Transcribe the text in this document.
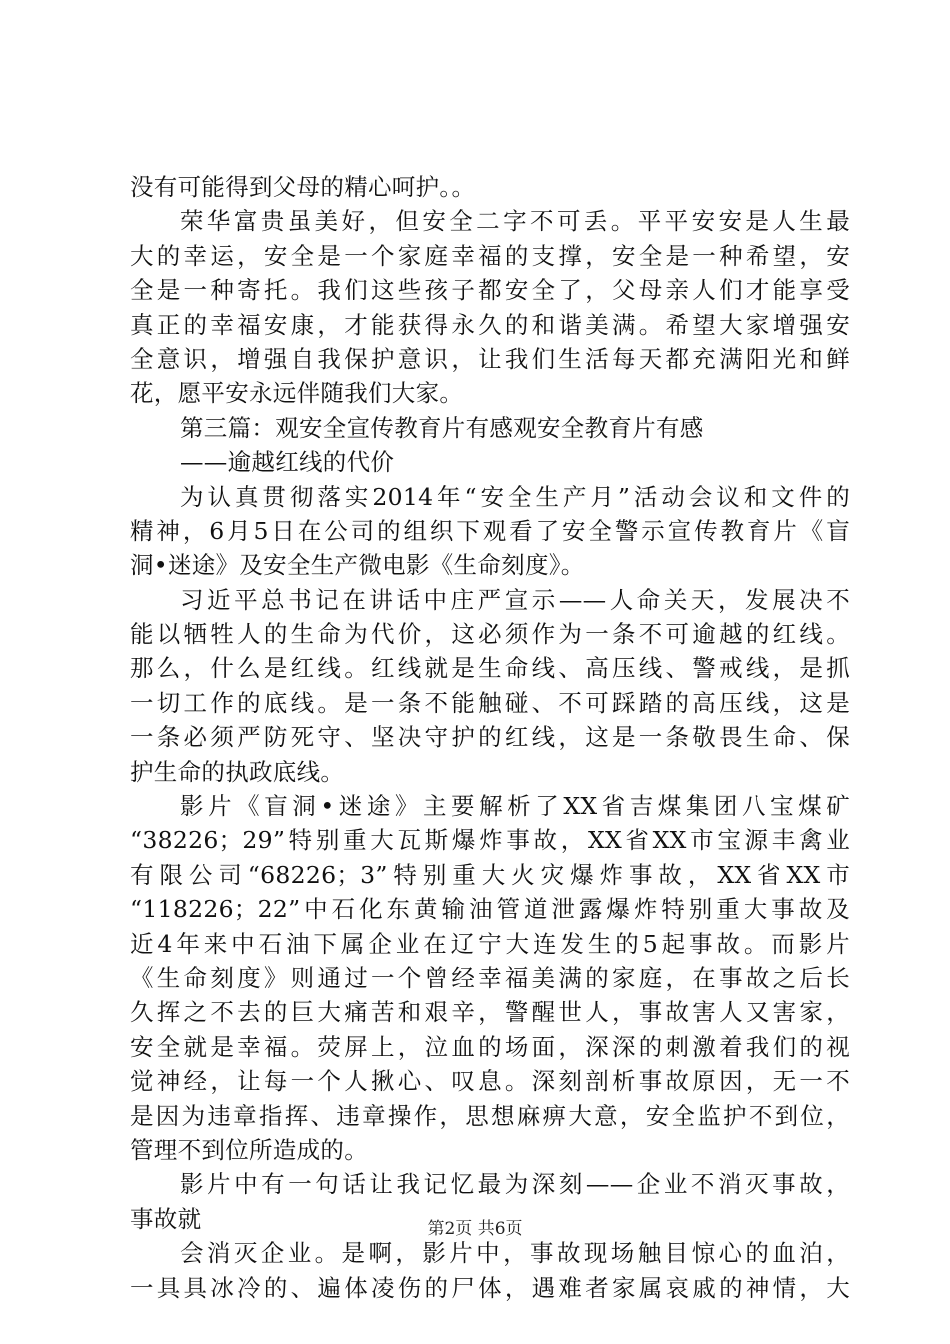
没有可能得到父母的精心呵护。。
荣华富贵虽美好，但安全二字不可丢。平平安安是人生最
大的幸运，安全是一个家庭幸福的支撑，安全是一种希望，安
全是一种寄托。我们这些孩子都安全了，父母亲人们才能享受
真正的幸福安康，才能获得永久的和谐美满。希望大家增强安
全意识，增强自我保护意识，让我们生活每天都充满阳光和鲜
花，愿平安永远伴随我们大家。
第三篇：观安全宣传教育片有感观安全教育片有感
——逾越红线的代价
为认真贯彻落实2014年“安全生产月”活动会议和文件的
精神，6月5日在公司的组织下观看了安全警示宣传教育片《盲
洞•迷途》及安全生产微电影《生命刻度》。
习近平总书记在讲话中庄严宣示——人命关天，发展决不
能以牺牲人的生命为代价，这必须作为一条不可逾越的红线。
那么，什么是红线。红线就是生命线、高压线、警戒线，是抓
一切工作的底线。是一条不能触碰、不可踩踏的高压线，这是
一条必须严防死守、坚决守护的红线，这是一条敬畏生命、保
护生命的执政底线。
影片《盲洞•迷途》主要解析了XX省吉煤集团八宝煤矿
“38226；29”特别重大瓦斯爆炸事故，XX省XX市宝源丰禽业
有限公司“68226；3”特别重大火灾爆炸事故，XX省XX市
“118226；22”中石化东黄输油管道泄露爆炸特别重大事故及
近4年来中石油下属企业在辽宁大连发生的5起事故。而影片
《生命刻度》则通过一个曾经幸福美满的家庭，在事故之后长
久挥之不去的巨大痛苦和艰辛，警醒世人，事故害人又害家，
安全就是幸福。荧屏上，泣血的场面，深深的刺激着我们的视
觉神经，让每一个人揪心、叹息。深刻剖析事故原因，无一不
是因为违章指挥、违章操作，思想麻痹大意，安全监护不到位，
管理不到位所造成的。
影片中有一句话让我记忆最为深刻——企业不消灭事故，
事故就
会消灭企业。是啊，影片中，事故现场触目惊心的血泊，
一具具冰冷的、遍体凌伤的尸体，遇难者家属哀戚的神情，大
第2页 共6页
